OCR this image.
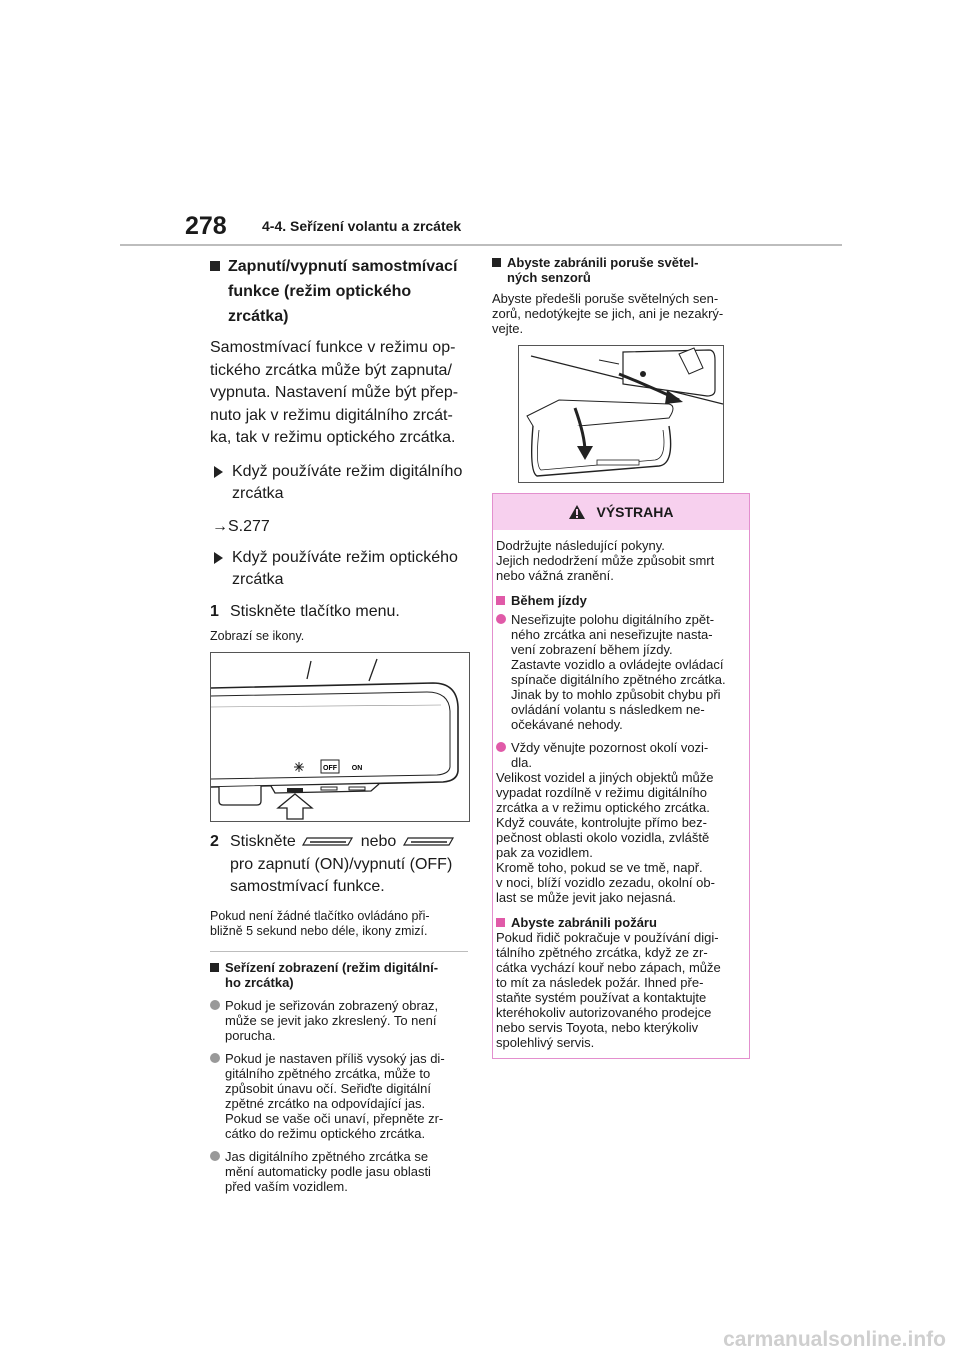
278	4-4. Seřízení volantu a zrcátek
Zapnutí/vypnutí samostmívací
funkce (režim optického zrcátka)
Samostmívací funkce v režimu op-
tického zrcátka může být zapnuta/
vypnuta. Nastavení může být přep-
nuto jak v režimu digitálního zrcát-
ka, tak v režimu optického zrcátka.
Když používáte režim digitálního
zrcátka
→S.277
Když používáte režim optického
zrcátka
1 Stiskněte tlačítko menu.
Zobrazí se ikony.
OFF ON
2 Stiskněte	nebo
pro zapnutí (ON)/vypnutí (OFF)
samostmívací funkce.
Pokud není žádné tlačítko ovládáno při-
bližně 5 sekund nebo déle, ikony zmizí.
Seřízení zobrazení (režim digitální-
ho zrcátka)
Pokud je seřizován zobrazený obraz,
může se jevit jako zkreslený. To není
porucha.
Pokud je nastaven příliš vysoký jas di-
gitálního zpětného zrcátka, může to
způsobit únavu očí. Seřiďte digitální
zpětné zrcátko na odpovídající jas.
Pokud se vaše oči unaví, přepněte zr-
cátko do režimu optického zrcátka.
Jas digitálního zpětného zrcátka se
mění automaticky podle jasu oblasti
před vaším vozidlem.
Abyste zabránili poruše světel-
ných senzorů
Abyste předešli poruše světelných sen-
zorů, nedotýkejte se jich, ani je nezakrý-
vejte.
VÝSTRAHA

Dodržujte následující pokyny.
Jejich nedodržení může způsobit smrt
nebo vážná zranění.

Během jízdy
Neseřizujte polohu digitálního zpět-
ného zrcátka ani neseřizujte nasta-
vení zobrazení během jízdy.
Zastavte vozidlo a ovládejte ovládací
spínače digitálního zpětného zrcátka.
Jinak by to mohlo způsobit chybu při
ovládání volantu s následkem ne-
očekávané nehody.
Vždy věnujte pozornost okolí vozi-
dla.

Velikost vozidel a jiných objektů může
vypadat rozdílně v režimu digitálního
zrcátka a v režimu optického zrcátka.
Když couváte, kontrolujte přímo bez-
pečnost oblasti okolo vozidla, zvláště
pak za vozidlem.
Kromě toho, pokud se ve tmě, např.
v noci, blíží vozidlo zezadu, okolní ob-
last se může jevit jako nejasná.

Abyste zabránili požáru

Pokud řidič pokračuje v používání digi-
tálního zpětného zrcátka, když ze zr-
cátka vychází kouř nebo zápach, může
to mít za následek požár. Ihned pře-
staňte systém používat a kontaktujte
kteréhokoliv autorizovaného prodejce
nebo servis Toyota, nebo kterýkoliv
spolehlivý servis.

carmanualsonline.info
